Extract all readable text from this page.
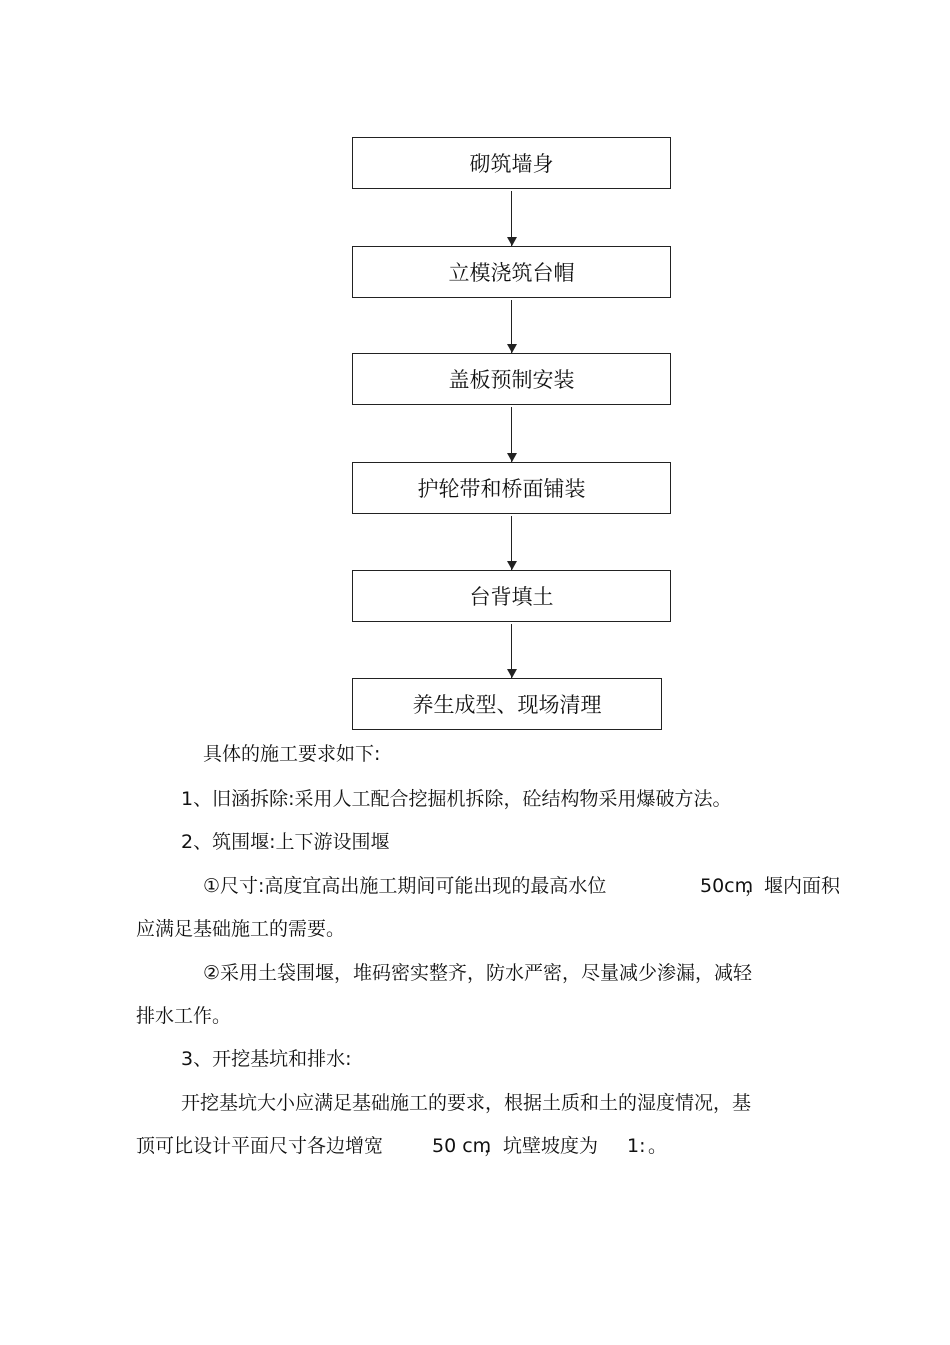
砌筑墙身
立模浇筑台帽
盖板预制安装
护轮带和桥面铺装
台背填土
养生成型、现场清理
具体的施工要求如下:
1、旧涵拆除:采用人工配合挖掘机拆除，砼结构物采用爆破方法。
2、筑围堰:上下游设围堰
①尺寸:高度宜高出施工期间可能出现的最高水位	50cm
，堰内面积
应满足基础施工的需要。
②采用土袋围堰，堆码密实整齐，防水严密，尽量减少渗漏，减轻
排水工作。
3、开挖基坑和排水:
开挖基坑大小应满足基础施工的要求，根据土质和土的湿度情况，基
顶可比设计平面尺寸各边增宽	50 cm
，坑壁坡度为 1: 。
